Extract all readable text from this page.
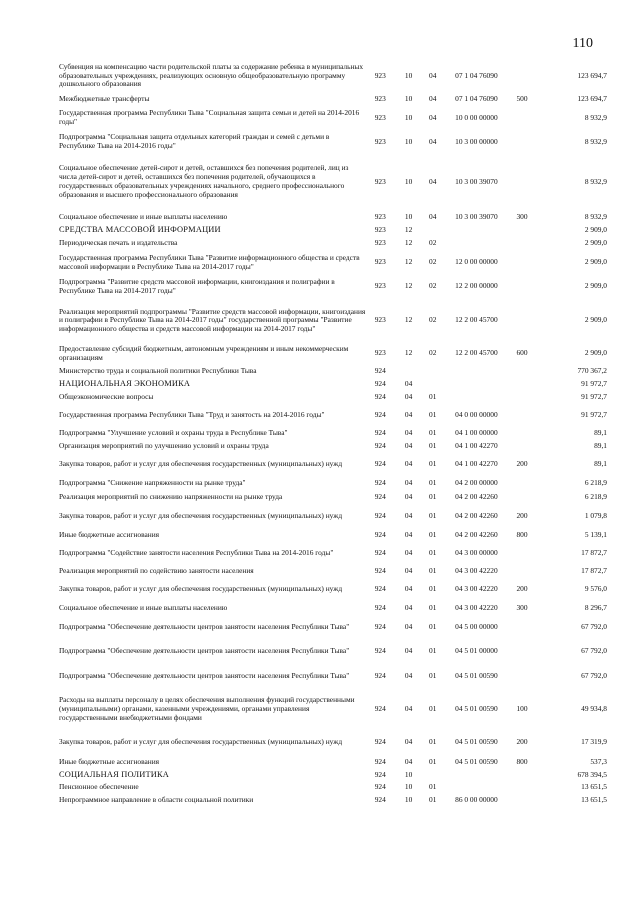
110
Субвенция на компенсацию части родительской платы за содержание ребенка в муниципальных образовательных учреждениях, реализующих основную общеобразовательную программу дошкольного образования	923	10	04	07 1 04 76090		123 694,7
Межбюджетные трансферты	923	10	04	07 1 04 76090	500	123 694,7
Государственная программа Республики Тыва "Социальная защита семьи и детей на 2014-2016 годы"	923	10	04	10 0 00 00000		8 932,9
Подпрограмма "Социальная защита отдельных категорий граждан и семей с детьми в Республике Тыва на 2014-2016 годы"	923	10	04	10 3 00 00000		8 932,9
Социальное обеспечение детей-сирот и детей, оставшихся без попечения родителей, лиц из числа детей-сирот и детей, оставшихся без попечения родителей, обучающихся в государственных образовательных учреждениях начального, среднего профессионального образования и высшего профессионального образования	923	10	04	10 3 00 39070		8 932,9
Социальное обеспечение и иные выплаты населению	923	10	04	10 3 00 39070	300	8 932,9
СРЕДСТВА МАССОВОЙ ИНФОРМАЦИИ	923	12				2 909,0
Периодическая печать и издательства	923	12	02			2 909,0
Государственная программа Республики Тыва "Развитие информационного общества и средств массовой информации в Республике Тыва на 2014-2017 годы"	923	12	02	12 0 00 00000		2 909,0
Подпрограмма "Развитие средств массовой информации, книгоиздания и полиграфии в Республике Тыва на 2014-2017 годы"	923	12	02	12 2 00 00000		2 909,0
Реализация мероприятий подпрограммы "Развитие средств массовой информации, книгоиздания и полиграфии в Республике Тыва на 2014-2017 годы" государственной программы "Развитие информационного общества и средств массовой информации на 2014-2017 годы"	923	12	02	12 2 00 45700		2 909,0
Предоставление субсидий бюджетным, автономным учреждениям и иным некоммерческим организациям	923	12	02	12 2 00 45700	600	2 909,0
Министерство труда и социальной политики Республики Тыва	924					770 367,2
НАЦИОНАЛЬНАЯ ЭКОНОМИКА	924	04				91 972,7
Общеэкономические вопросы	924	04	01			91 972,7
Государственная программа Республики Тыва "Труд и занятость на 2014-2016 годы"	924	04	01	04 0 00 00000		91 972,7
Подпрограмма "Улучшение условий и охраны труда в Республике Тыва"	924	04	01	04 1 00 00000		89,1
Организация мероприятий по улучшению условий и охраны труда	924	04	01	04 1 00 42270		89,1
Закупка товаров, работ и услуг для обеспечения государственных (муниципальных) нужд	924	04	01	04 1 00 42270	200	89,1
Подпрограмма "Снижение напряженности на рынке труда"	924	04	01	04 2 00 00000		6 218,9
Реализация мероприятий по снижению напряженности на рынке труда	924	04	01	04 2 00 42260		6 218,9
Закупка товаров, работ и услуг для обеспечения государственных (муниципальных) нужд	924	04	01	04 2 00 42260	200	1 079,8
Иные бюджетные ассигнования	924	04	01	04 2 00 42260	800	5 139,1
Подпрограмма "Содействие занятости населения Республики Тыва на 2014-2016 годы"	924	04	01	04 3 00 00000		17 872,7
Реализация мероприятий по содействию занятости населения	924	04	01	04 3 00 42220		17 872,7
Закупка товаров, работ и услуг для обеспечения государственных (муниципальных) нужд	924	04	01	04 3 00 42220	200	9 576,0
Социальное обеспечение и иные выплаты населению	924	04	01	04 3 00 42220	300	8 296,7
Подпрограмма "Обеспечение деятельности центров занятости населения Республики Тыва"	924	04	01	04 5 00 00000		67 792,0
Подпрограмма "Обеспечение деятельности центров занятости населения Республики Тыва"	924	04	01	04 5 01 00000		67 792,0
Подпрограмма "Обеспечение деятельности центров занятости населения Республики Тыва"	924	04	01	04 5 01 00590		67 792,0
Расходы на выплаты персоналу в целях обеспечения выполнения функций государственными (муниципальными) органами, казенными учреждениями, органами управления государственными внебюджетными фондами	924	04	01	04 5 01 00590	100	49 934,8
Закупка товаров, работ и услуг для обеспечения государственных (муниципальных) нужд	924	04	01	04 5 01 00590	200	17 319,9
Иные бюджетные ассигнования	924	04	01	04 5 01 00590	800	537,3
СОЦИАЛЬНАЯ ПОЛИТИКА	924	10				678 394,5
Пенсионное обеспечение	924	10	01			13 651,5
Непрограммное направление в области социальной политики	924	10	01	86 0 00 00000		13 651,5
